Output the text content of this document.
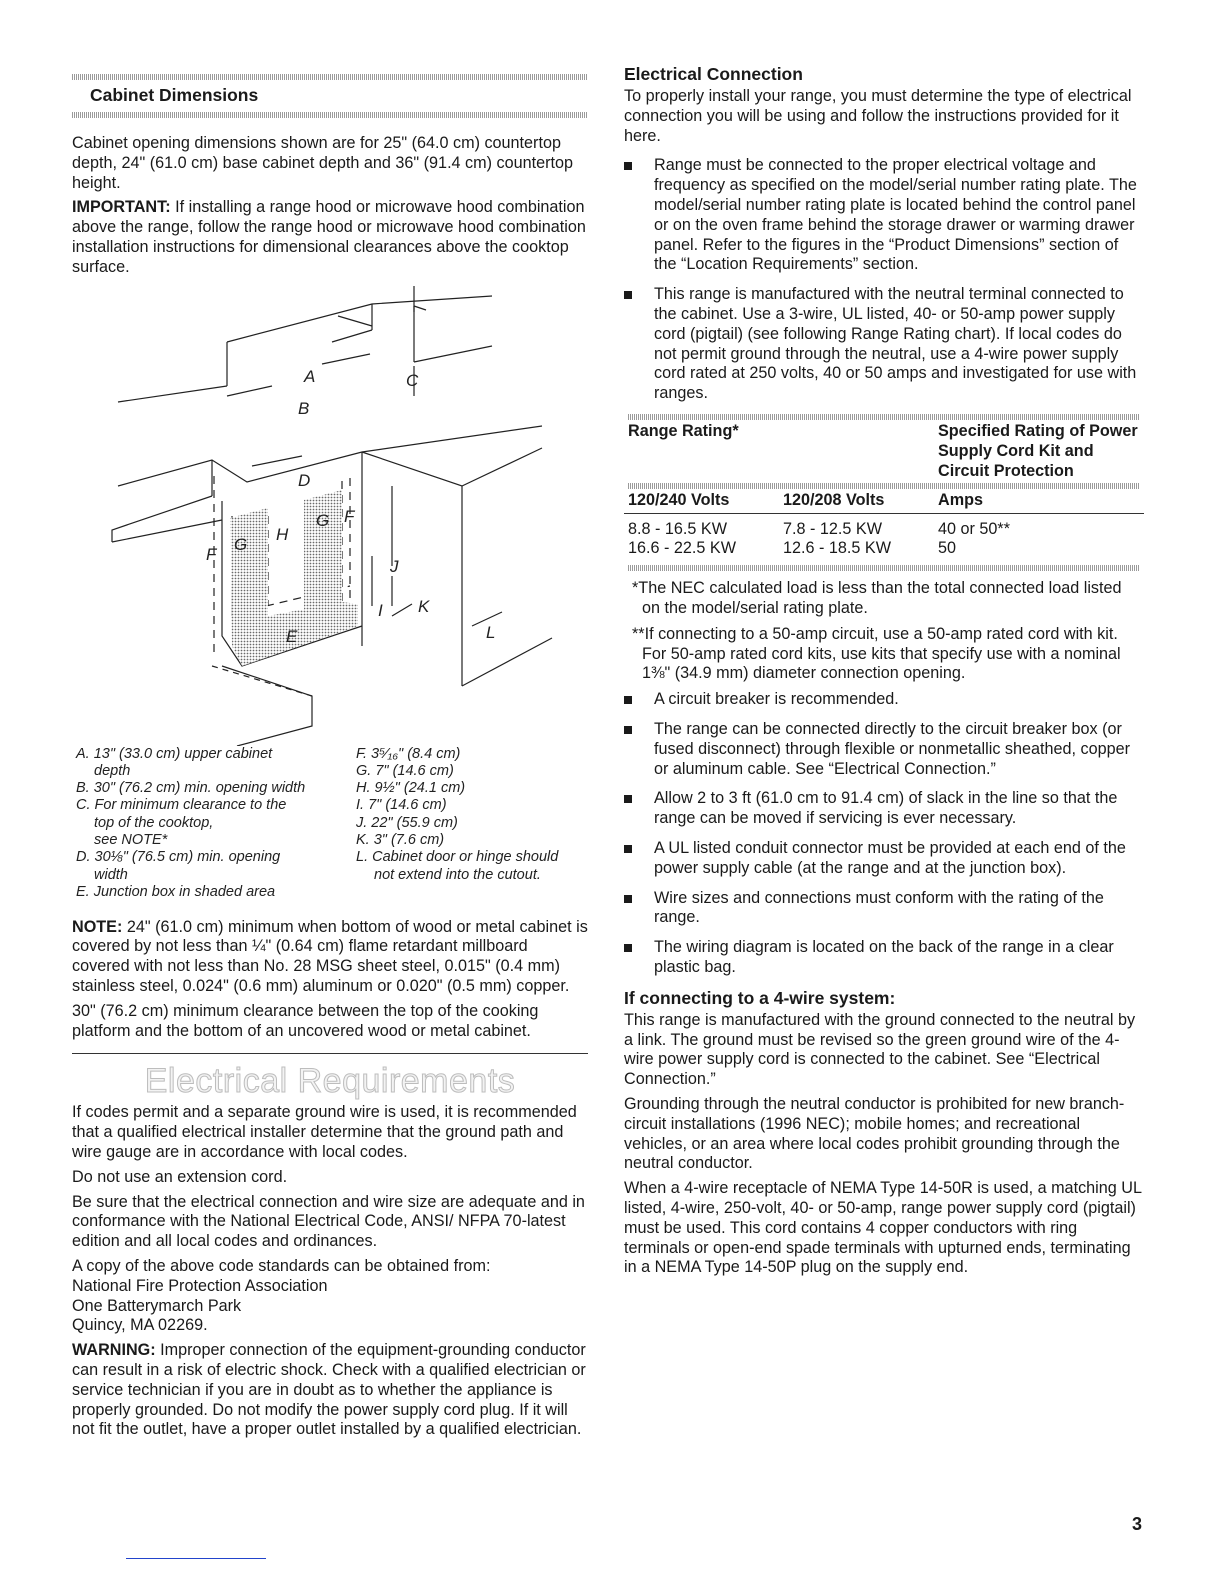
Cabinet Dimensions

Cabinet opening dimensions shown are for 25" (64.0 cm) countertop depth, 24" (61.0 cm) base cabinet depth and 36" (91.4 cm) countertop height.

IMPORTANT: If installing a range hood or microwave hood combination above the range, follow the range hood or microwave hood combination installation instructions for dimensional clearances above the cooktop surface.

A
B
C
D
E
F
F
G
G
H
I
J
K
L
A. 13" (33.0 cm) upper cabinet
depth
B. 30" (76.2 cm) min. opening width
C. For minimum clearance to the
top of the cooktop,
see NOTE*
D. 30⅛" (76.5 cm) min. opening
width
E. Junction box in shaded area
F. 3⁵⁄₁₆" (8.4 cm)
G. 7" (14.6 cm)
H. 9½" (24.1 cm)
I. 7" (14.6 cm)
J. 22" (55.9 cm)
K. 3" (7.6 cm)
L. Cabinet door or hinge should
not extend into the cutout.

NOTE: 24" (61.0 cm) minimum when bottom of wood or metal cabinet is covered by not less than ¼" (0.64 cm) flame retardant millboard covered with not less than No. 28 MSG sheet steel, 0.015" (0.4 mm) stainless steel, 0.024" (0.6 mm) aluminum or 0.020" (0.5 mm) copper.

30" (76.2 cm) minimum clearance between the top of the cooking platform and the bottom of an uncovered wood or metal cabinet.

Electrical Requirements

If codes permit and a separate ground wire is used, it is recommended that a qualified electrical installer determine that the ground path and wire gauge are in accordance with local codes.

Do not use an extension cord.

Be sure that the electrical connection and wire size are adequate and in conformance with the National Electrical Code, ANSI/ NFPA 70-latest edition and all local codes and ordinances.

A copy of the above code standards can be obtained from:
National Fire Protection Association
One Batterymarch Park
Quincy, MA 02269.

WARNING: Improper connection of the equipment-grounding conductor can result in a risk of electric shock. Check with a qualified electrician or service technician if you are in doubt as to whether the appliance is properly grounded. Do not modify the power supply cord plug. If it will not fit the outlet, have a proper outlet installed by a qualified electrician.

Electrical Connection

To properly install your range, you must determine the type of electrical connection you will be using and follow the instructions provided for it here.

Range must be connected to the proper electrical voltage and frequency as specified on the model/serial number rating plate. The model/serial number rating plate is located behind the control panel or on the oven frame behind the storage drawer or warming drawer panel. Refer to the figures in the “Product Dimensions” section of the “Location Requirements” section.
This range is manufactured with the neutral terminal connected to the cabinet. Use a 3-wire, UL listed, 40- or 50-amp power supply cord (pigtail) (see following Range Rating chart). If local codes do not permit ground through the neutral, use a 4-wire power supply cord rated at 250 volts, 40 or 50 amps and investigated for use with ranges.

Range Rating*		Specified Rating of Power Supply Cord Kit and Circuit Protection

120/240 Volts	120/208 Volts	Amps

8.8 - 16.5 KW	7.8 - 12.5 KW	40 or 50**
16.6 - 22.5 KW	12.6 - 18.5 KW	50

*The NEC calculated load is less than the total connected load listed on the model/serial rating plate.

**If connecting to a 50-amp circuit, use a 50-amp rated cord with kit. For 50-amp rated cord kits, use kits that specify use with a nominal 1⅜" (34.9 mm) diameter connection opening.

A circuit breaker is recommended.
The range can be connected directly to the circuit breaker box (or fused disconnect) through flexible or nonmetallic sheathed, copper or aluminum cable. See “Electrical Connection.”
Allow 2 to 3 ft (61.0 cm to 91.4 cm) of slack in the line so that the range can be moved if servicing is ever necessary.
A UL listed conduit connector must be provided at each end of the power supply cable (at the range and at the junction box).
Wire sizes and connections must conform with the rating of the range.
The wiring diagram is located on the back of the range in a clear plastic bag.
If connecting to a 4-wire system:

This range is manufactured with the ground connected to the neutral by a link. The ground must be revised so the green ground wire of the 4-wire power supply cord is connected to the cabinet. See “Electrical Connection.”

Grounding through the neutral conductor is prohibited for new branch-circuit installations (1996 NEC); mobile homes; and recreational vehicles, or an area where local codes prohibit grounding through the neutral conductor.

When a 4-wire receptacle of NEMA Type 14-50R is used, a matching UL listed, 4-wire, 250-volt, 40- or 50-amp, range power supply cord (pigtail) must be used. This cord contains 4 copper conductors with ring terminals or open-end spade terminals with upturned ends, terminating in a NEMA Type 14-50P plug on the supply end.

3
